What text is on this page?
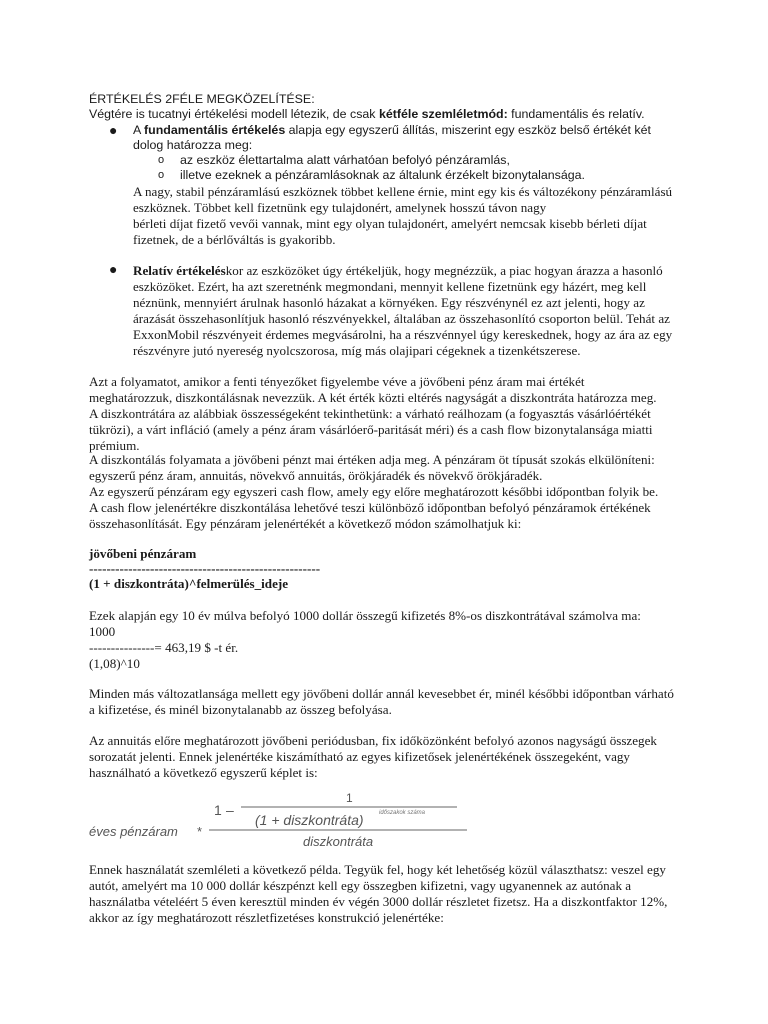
ÉRTÉKELÉS 2FÉLE MEGKÖZELÍTÉSE:

Végtére is tucatnyi értékelési modell létezik, de csak kétféle szemléletmód: fundamentális és relatív.

● A fundamentális értékelés alapja egy egyszerű állítás, miszerint egy eszköz belső értékét két

dolog határozza meg:

o az eszköz élettartalma alatt várhatóan befolyó pénzáramlás,

o illetve ezeknek a pénzáramlásoknak az általunk érzékelt bizonytalansága.

A nagy, stabil pénzáramlású eszköznek többet kellene érnie, mint egy kis és változékony pénzáramlású

eszköznek. Többet kell fizetnünk egy tulajdonért, amelynek hosszú távon nagy

bérleti díjat fizető vevői vannak, mint egy olyan tulajdonért, amelyért nemcsak kisebb bérleti díjat

fizetnek, de a bérlőváltás is gyakoribb.

● Relatív értékeléskor az eszközöket úgy értékeljük, hogy megnézzük, a piac hogyan árazza a hasonló

eszközöket. Ezért, ha azt szeretnénk megmondani, mennyit kellene fizetnünk egy házért, meg kell

néznünk, mennyiért árulnak hasonló házakat a környéken. Egy részvénynél ez azt jelenti, hogy az

árazását összehasonlítjuk hasonló részvényekkel, általában az összehasonlító csoporton belül. Tehát az

ExxonMobil részvényeit érdemes megvásárolni, ha a részvénnyel úgy kereskednek, hogy az ára az egy

részvényre jutó nyereség nyolcszorosa, míg más olajipari cégeknek a tizenkétszerese.

Azt a folyamatot, amikor a fenti tényezőket figyelembe véve a jövőbeni pénz áram mai értékét

meghatározzuk, diszkontálásnak nevezzük. A két érték közti eltérés nagyságát a diszkontráta határozza meg.

A diszkontrátára az alábbiak összességeként tekinthetünk: a várható reálhozam (a fogyasztás vásárlóértékét

tükrözi), a várt infláció (amely a pénz áram vásárlóerő-paritását méri) és a cash flow bizonytalansága miatti

prémium.

A diszkontálás folyamata a jövőbeni pénzt mai értéken adja meg. A pénzáram öt típusát szokás elkülöníteni:

egyszerű pénz áram, annuitás, növekvő annuitás, örökjáradék és növekvő örökjáradék.

Az egyszerű pénzáram egy egyszeri cash flow, amely egy előre meghatározott későbbi időpontban folyik be.

A cash flow jelenértékre diszkontálása lehetővé teszi különböző időpontban befolyó pénzáramok értékének

összehasonlítását. Egy pénzáram jelenértékét a következő módon számolhatjuk ki:

jövőbeni pénzáram

-----------------------------------------------------

(1 + diszkontráta)^felmerülés_ideje

Ezek alapján egy 10 év múlva befolyó 1000 dollár összegű kifizetés 8%-os diszkontrátával számolva ma:

1000

---------------= 463,19 $ -t ér.

(1,08)^10

Minden más változatlansága mellett egy jövőbeni dollár annál kevesebbet ér, minél későbbi időpontban várható

a kifizetése, és minél bizonytalanabb az összeg befolyása.

Az annuitás előre meghatározott jövőbeni periódusban, fix időközönként befolyó azonos nagyságú összegek

sorozatát jelenti. Ennek jelenértéke kiszámítható az egyes kifizetősek jelenértékének összegeként, vagy

használható a következő egyszerű képlet is:

éves pénzáram *
1 –
1
(1 + diszkontráta)	időszakok száma
diszkontráta

Ennek használatát szemléleti a következő példa. Tegyük fel, hogy két lehetőség közül választhatsz: veszel egy

autót, amelyért ma 10 000 dollár készpénzt kell egy összegben kifizetni, vagy ugyanennek az autónak a

használatba vételéért 5 éven keresztül minden év végén 3000 dollár részletet fizetsz. Ha a diszkontfaktor 12%,

akkor az így meghatározott részletfizetéses konstrukció jelenértéke:
